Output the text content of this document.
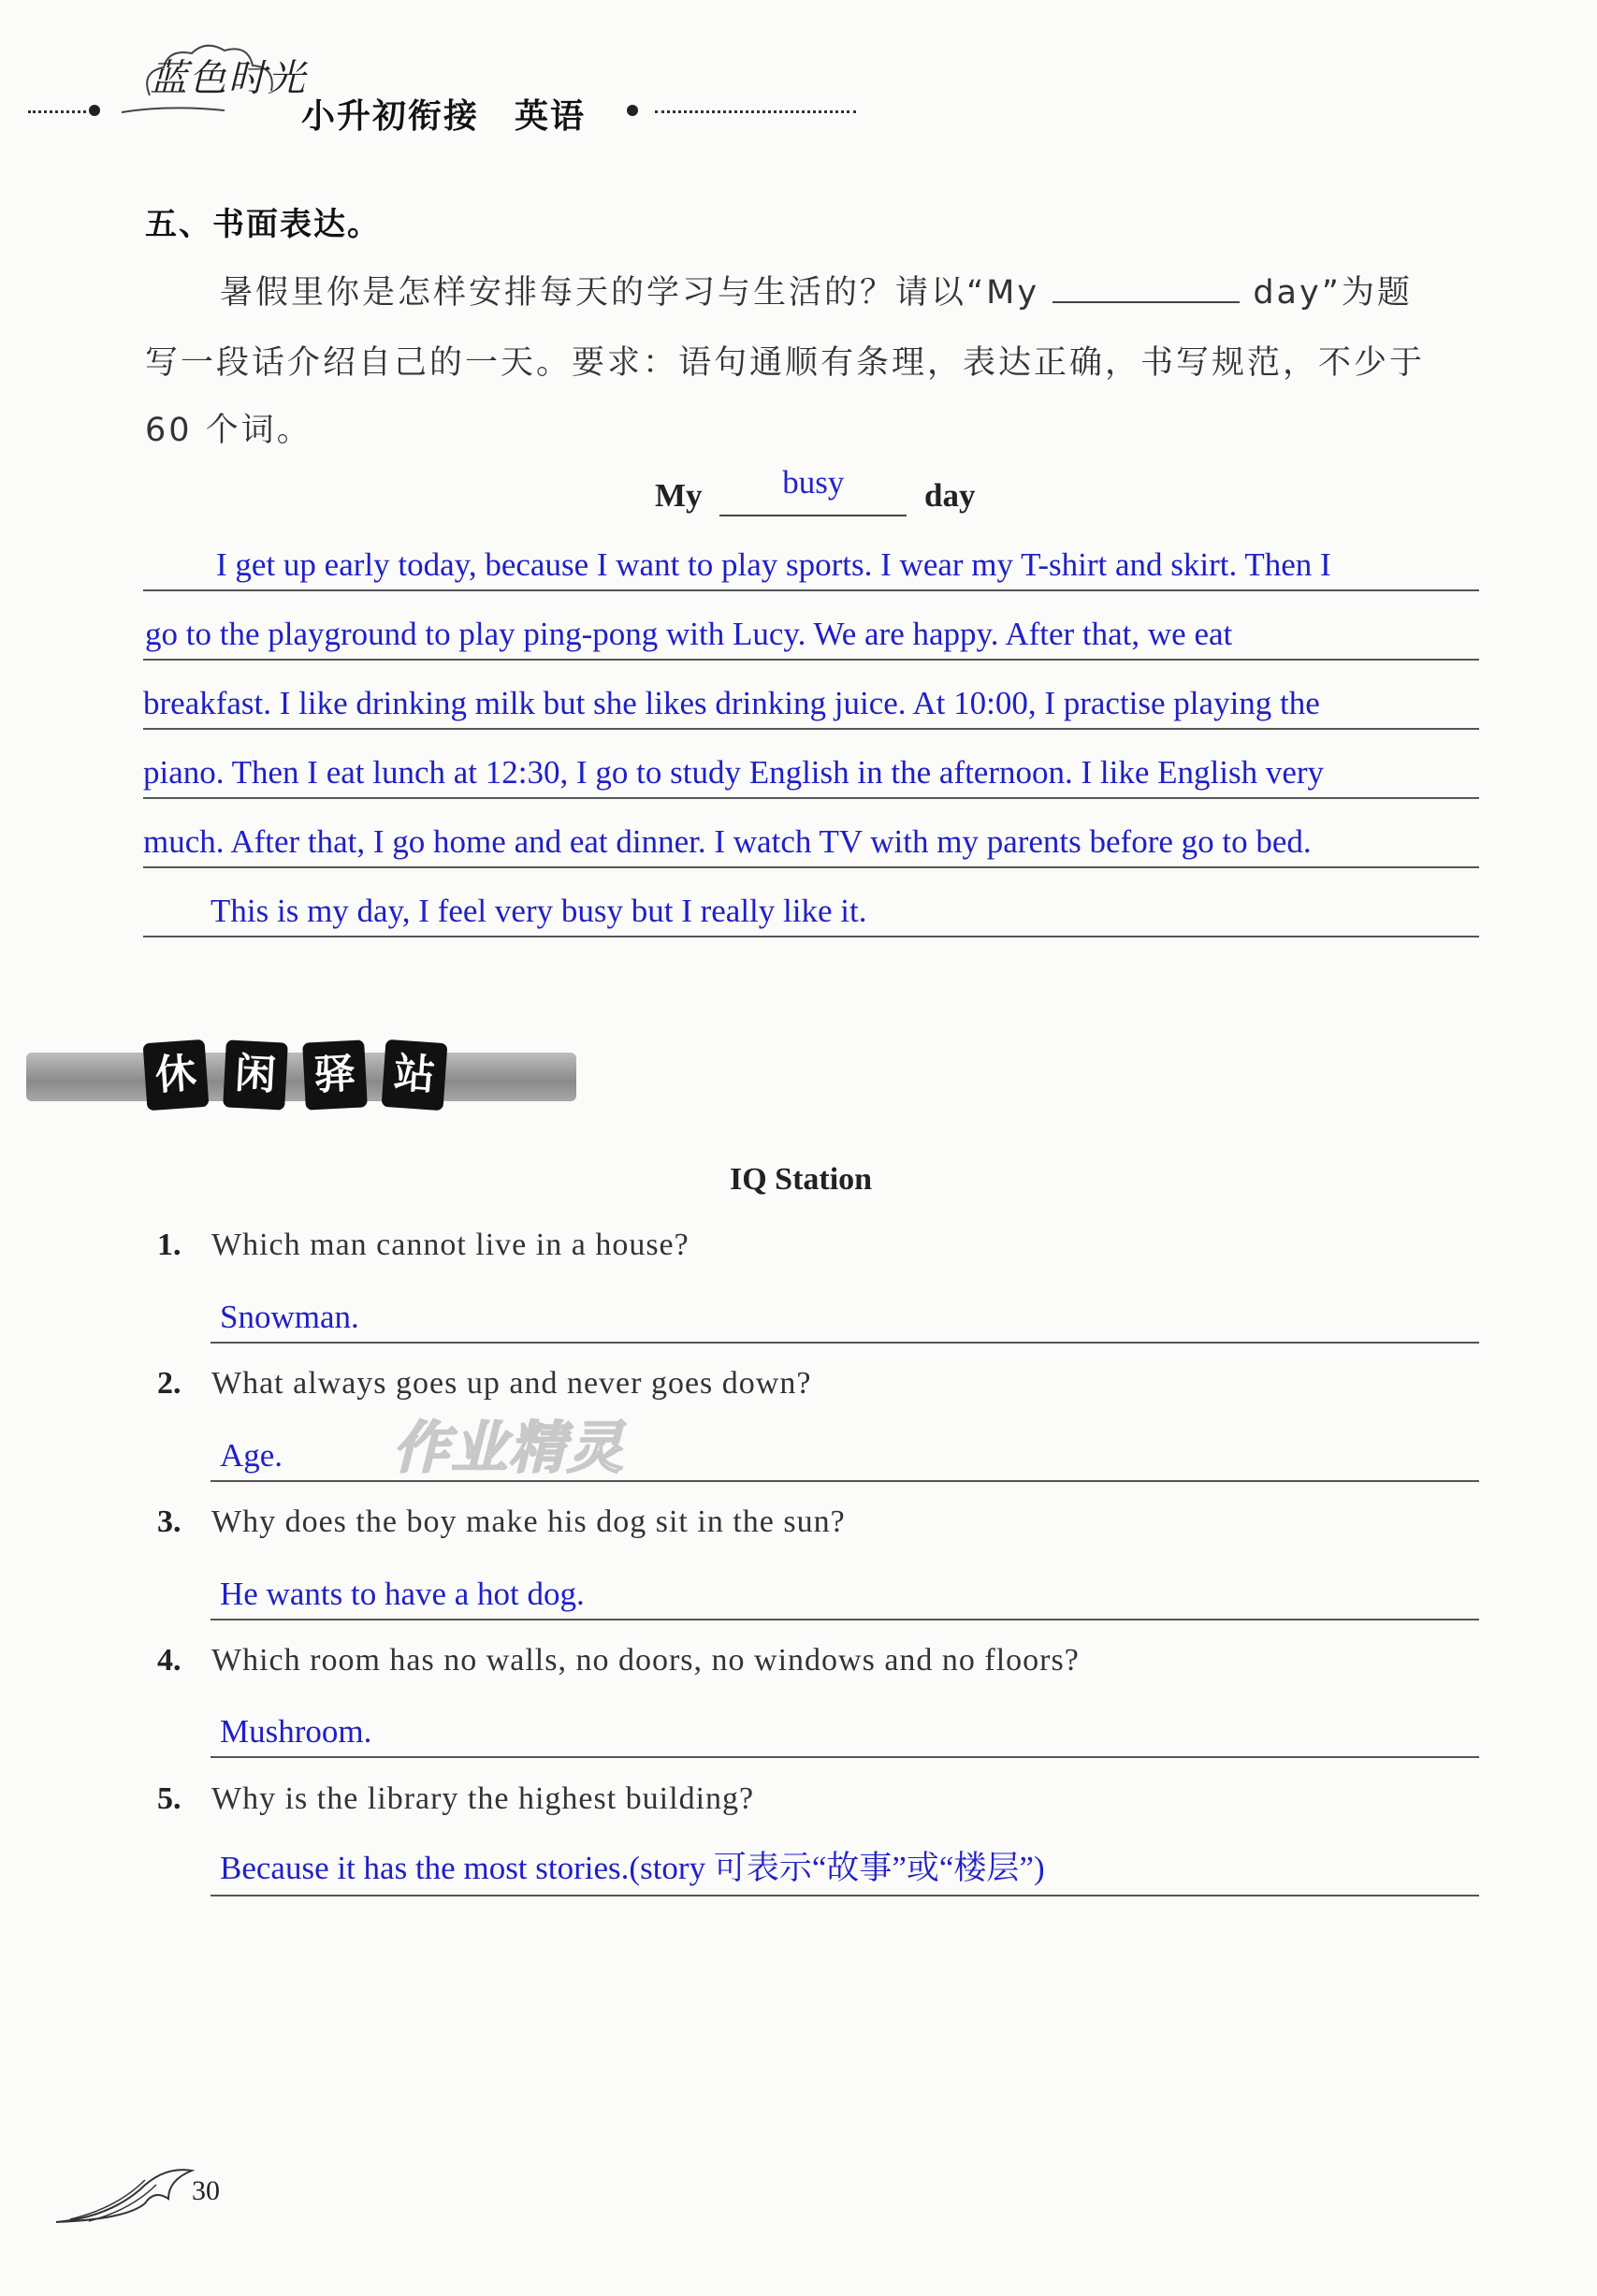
蓝色时光
小升初衔接　英语
五、书面表达。
暑假里你是怎样安排每天的学习与生活的？请以“My	day”为题
写一段话介绍自己的一天。要求：语句通顺有条理，表达正确，书写规范，不少于
60 个词。
My busy day
I get up early today, because I want to play sports. I wear my T-shirt and skirt. Then I
go to the playground to play ping-pong with Lucy. We are happy. After that, we eat
breakfast. I like drinking milk but she likes drinking juice. At 10:00, I practise playing the
piano. Then I eat lunch at 12:30, I go to study English in the afternoon. I like English very
much. After that, I go home and eat dinner. I watch TV with my parents before go to bed.
This is my day, I feel very busy but I really like it.
休 闲 驿 站
IQ Station
1. Which man cannot live in a house?
Snowman.
2. What always goes up and never goes down?
Age.
3. Why does the boy make his dog sit in the sun?
He wants to have a hot dog.
4. Which room has no walls, no doors, no windows and no floors?
Mushroom.
5. Why is the library the highest building?
Because it has the most stories.(story 可表示“故事”或“楼层”)
作业精灵
30
